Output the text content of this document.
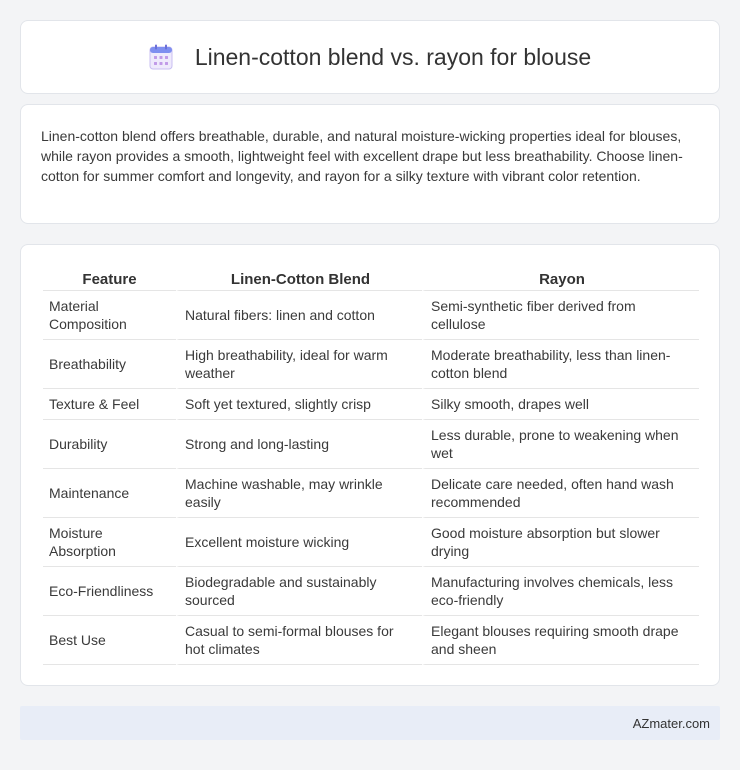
Linen-cotton blend vs. rayon for blouse

Linen-cotton blend offers breathable, durable, and natural moisture-wicking properties ideal for blouses, while rayon provides a smooth, lightweight feel with excellent drape but less breathability. Choose linen-cotton for summer comfort and longevity, and rayon for a silky texture with vibrant color retention.

Feature	Linen-Cotton Blend	Rayon
Material Composition	Natural fibers: linen and cotton	Semi-synthetic fiber derived from cellulose
Breathability	High breathability, ideal for warm weather	Moderate breathability, less than linen-cotton blend
Texture & Feel	Soft yet textured, slightly crisp	Silky smooth, drapes well
Durability	Strong and long-lasting	Less durable, prone to weakening when wet
Maintenance	Machine washable, may wrinkle easily	Delicate care needed, often hand wash recommended
Moisture Absorption	Excellent moisture wicking	Good moisture absorption but slower drying
Eco-Friendliness	Biodegradable and sustainably sourced	Manufacturing involves chemicals, less eco-friendly
Best Use	Casual to semi-formal blouses for hot climates	Elegant blouses requiring smooth drape and sheen
AZmater.com
